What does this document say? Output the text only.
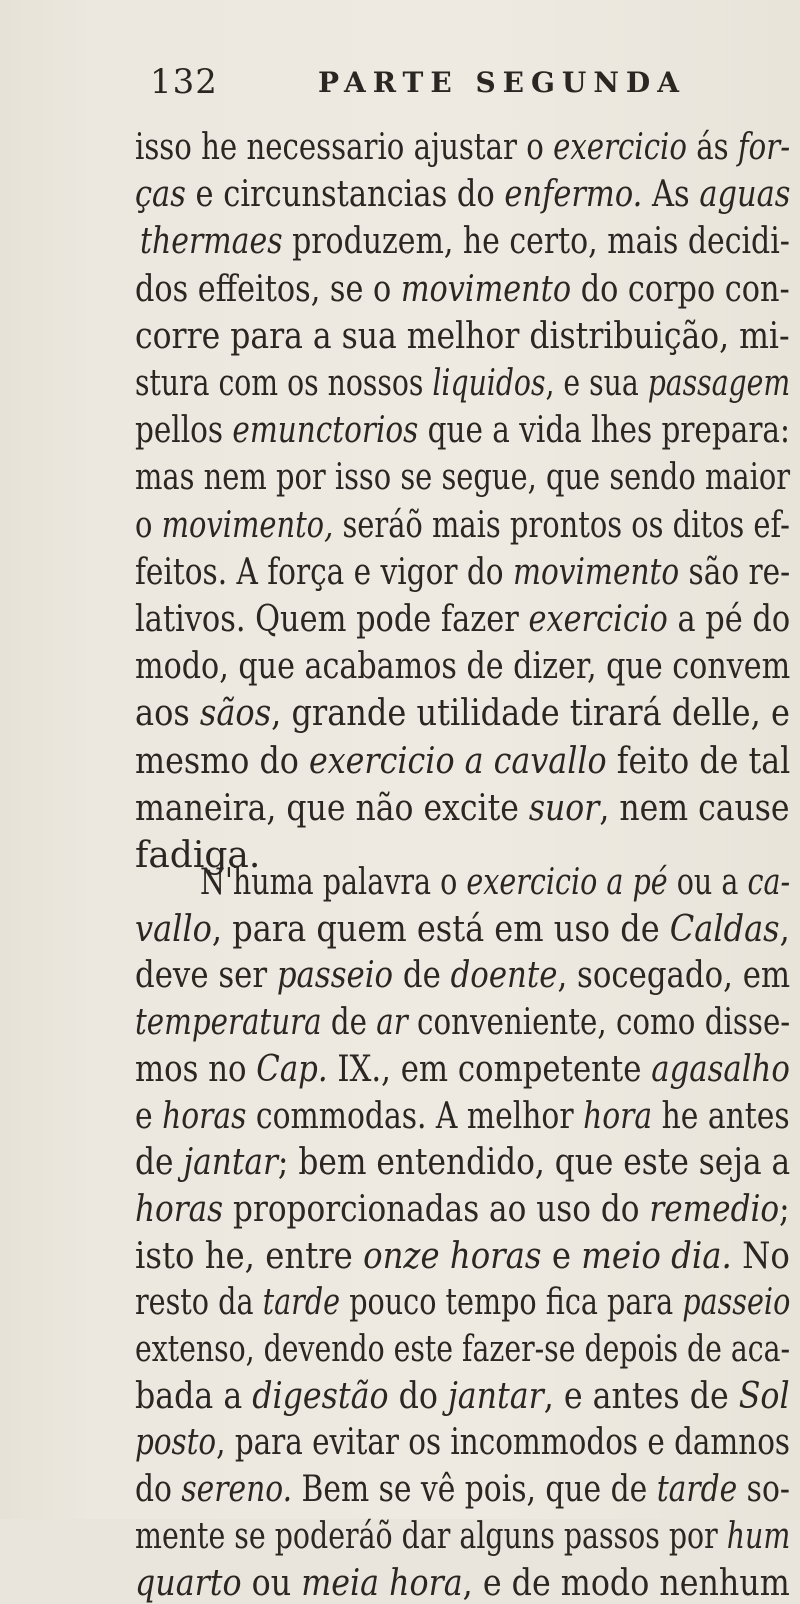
132	PARTE SEGUNDA
isso he necessario ajustar o exercicio ás for-
ças e circunstancias do enfermo. As aguas
thermaes produzem, he certo, mais decidi-
dos effeitos, se o movimento do corpo con-
corre para a sua melhor distribuição, mi-
stura com os nossos liquidos, e sua passagem
pellos emunctorios que a vida lhes prepara:
mas nem por isso se segue, que sendo maior
o movimento, seráõ mais prontos os ditos ef-
feitos. A força e vigor do movimento são re-
lativos. Quem pode fazer exercicio a pé do
modo, que acabamos de dizer, que convem
aos sãos, grande utilidade tirará delle, e
mesmo do exercicio a cavallo feito de tal
maneira, que não excite suor, nem cause
fadiga.
N'huma palavra o exercicio a pé ou a ca-
vallo, para quem está em uso de Caldas,
deve ser passeio de doente, socegado, em
temperatura de ar conveniente, como disse-
mos no Cap. IX., em competente agasalho
e horas commodas. A melhor hora he antes
de jantar; bem entendido, que este seja a
horas proporcionadas ao uso do remedio;
isto he, entre onze horas e meio dia. No
resto da tarde pouco tempo fica para passeio
extenso, devendo este fazer-se depois de aca-
bada a digestão do jantar, e antes de Sol
posto, para evitar os incommodos e damnos
do sereno. Bem se vê pois, que de tarde so-
mente se poderáõ dar alguns passos por hum
quarto ou meia hora, e de modo nenhum
